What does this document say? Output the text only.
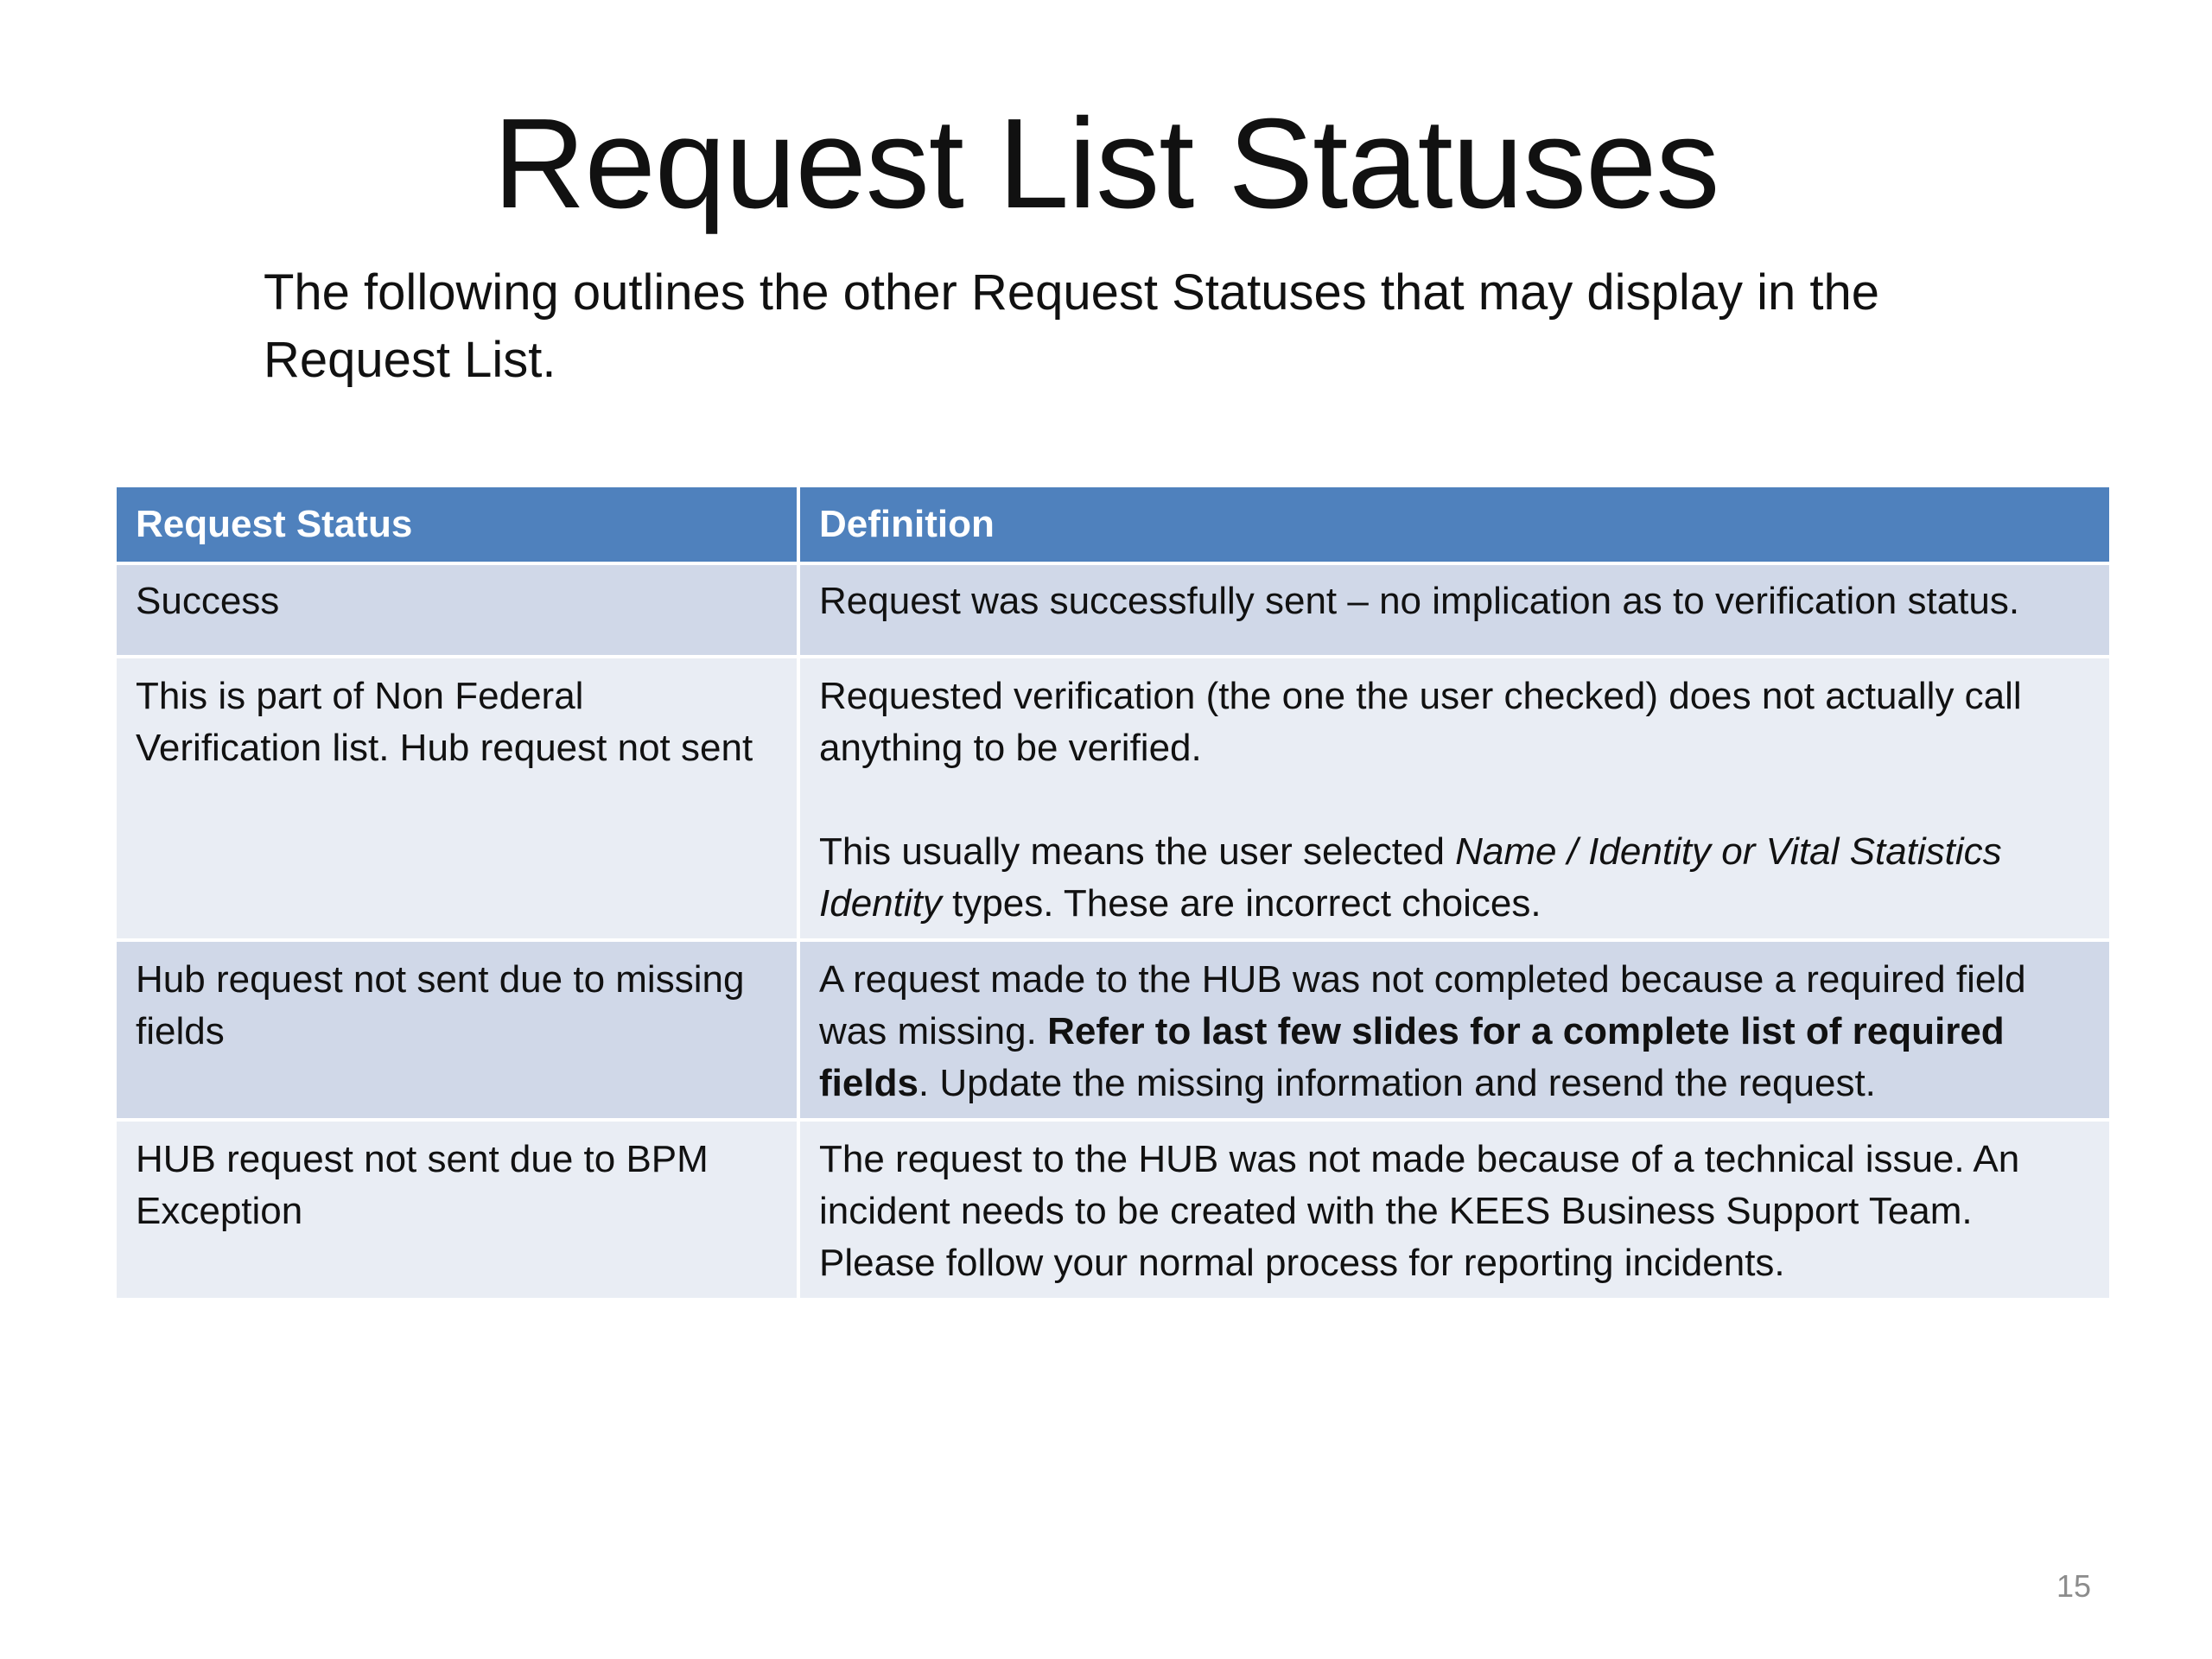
Request List Statuses
The following outlines the other Request Statuses that may display in the Request List.
Request Status	Definition
Success	Request was successfully sent – no implication as to verification status.
This is part of Non Federal Verification list. Hub request not sent	Requested verification (the one the user checked) does not actually call anything to be verified.

This usually means the user selected Name / Identity or Vital Statistics Identity types. These are incorrect choices.

Hub request not sent due to missing fields	A request made to the HUB was not completed because a required field was missing. Refer to last few slides for a complete list of required fields. Update the missing information and resend the request.
HUB request not sent due to BPM Exception	The request to the HUB was not made because of a technical issue. An incident needs to be created with the KEES Business Support Team. Please follow your normal process for reporting incidents.
15
